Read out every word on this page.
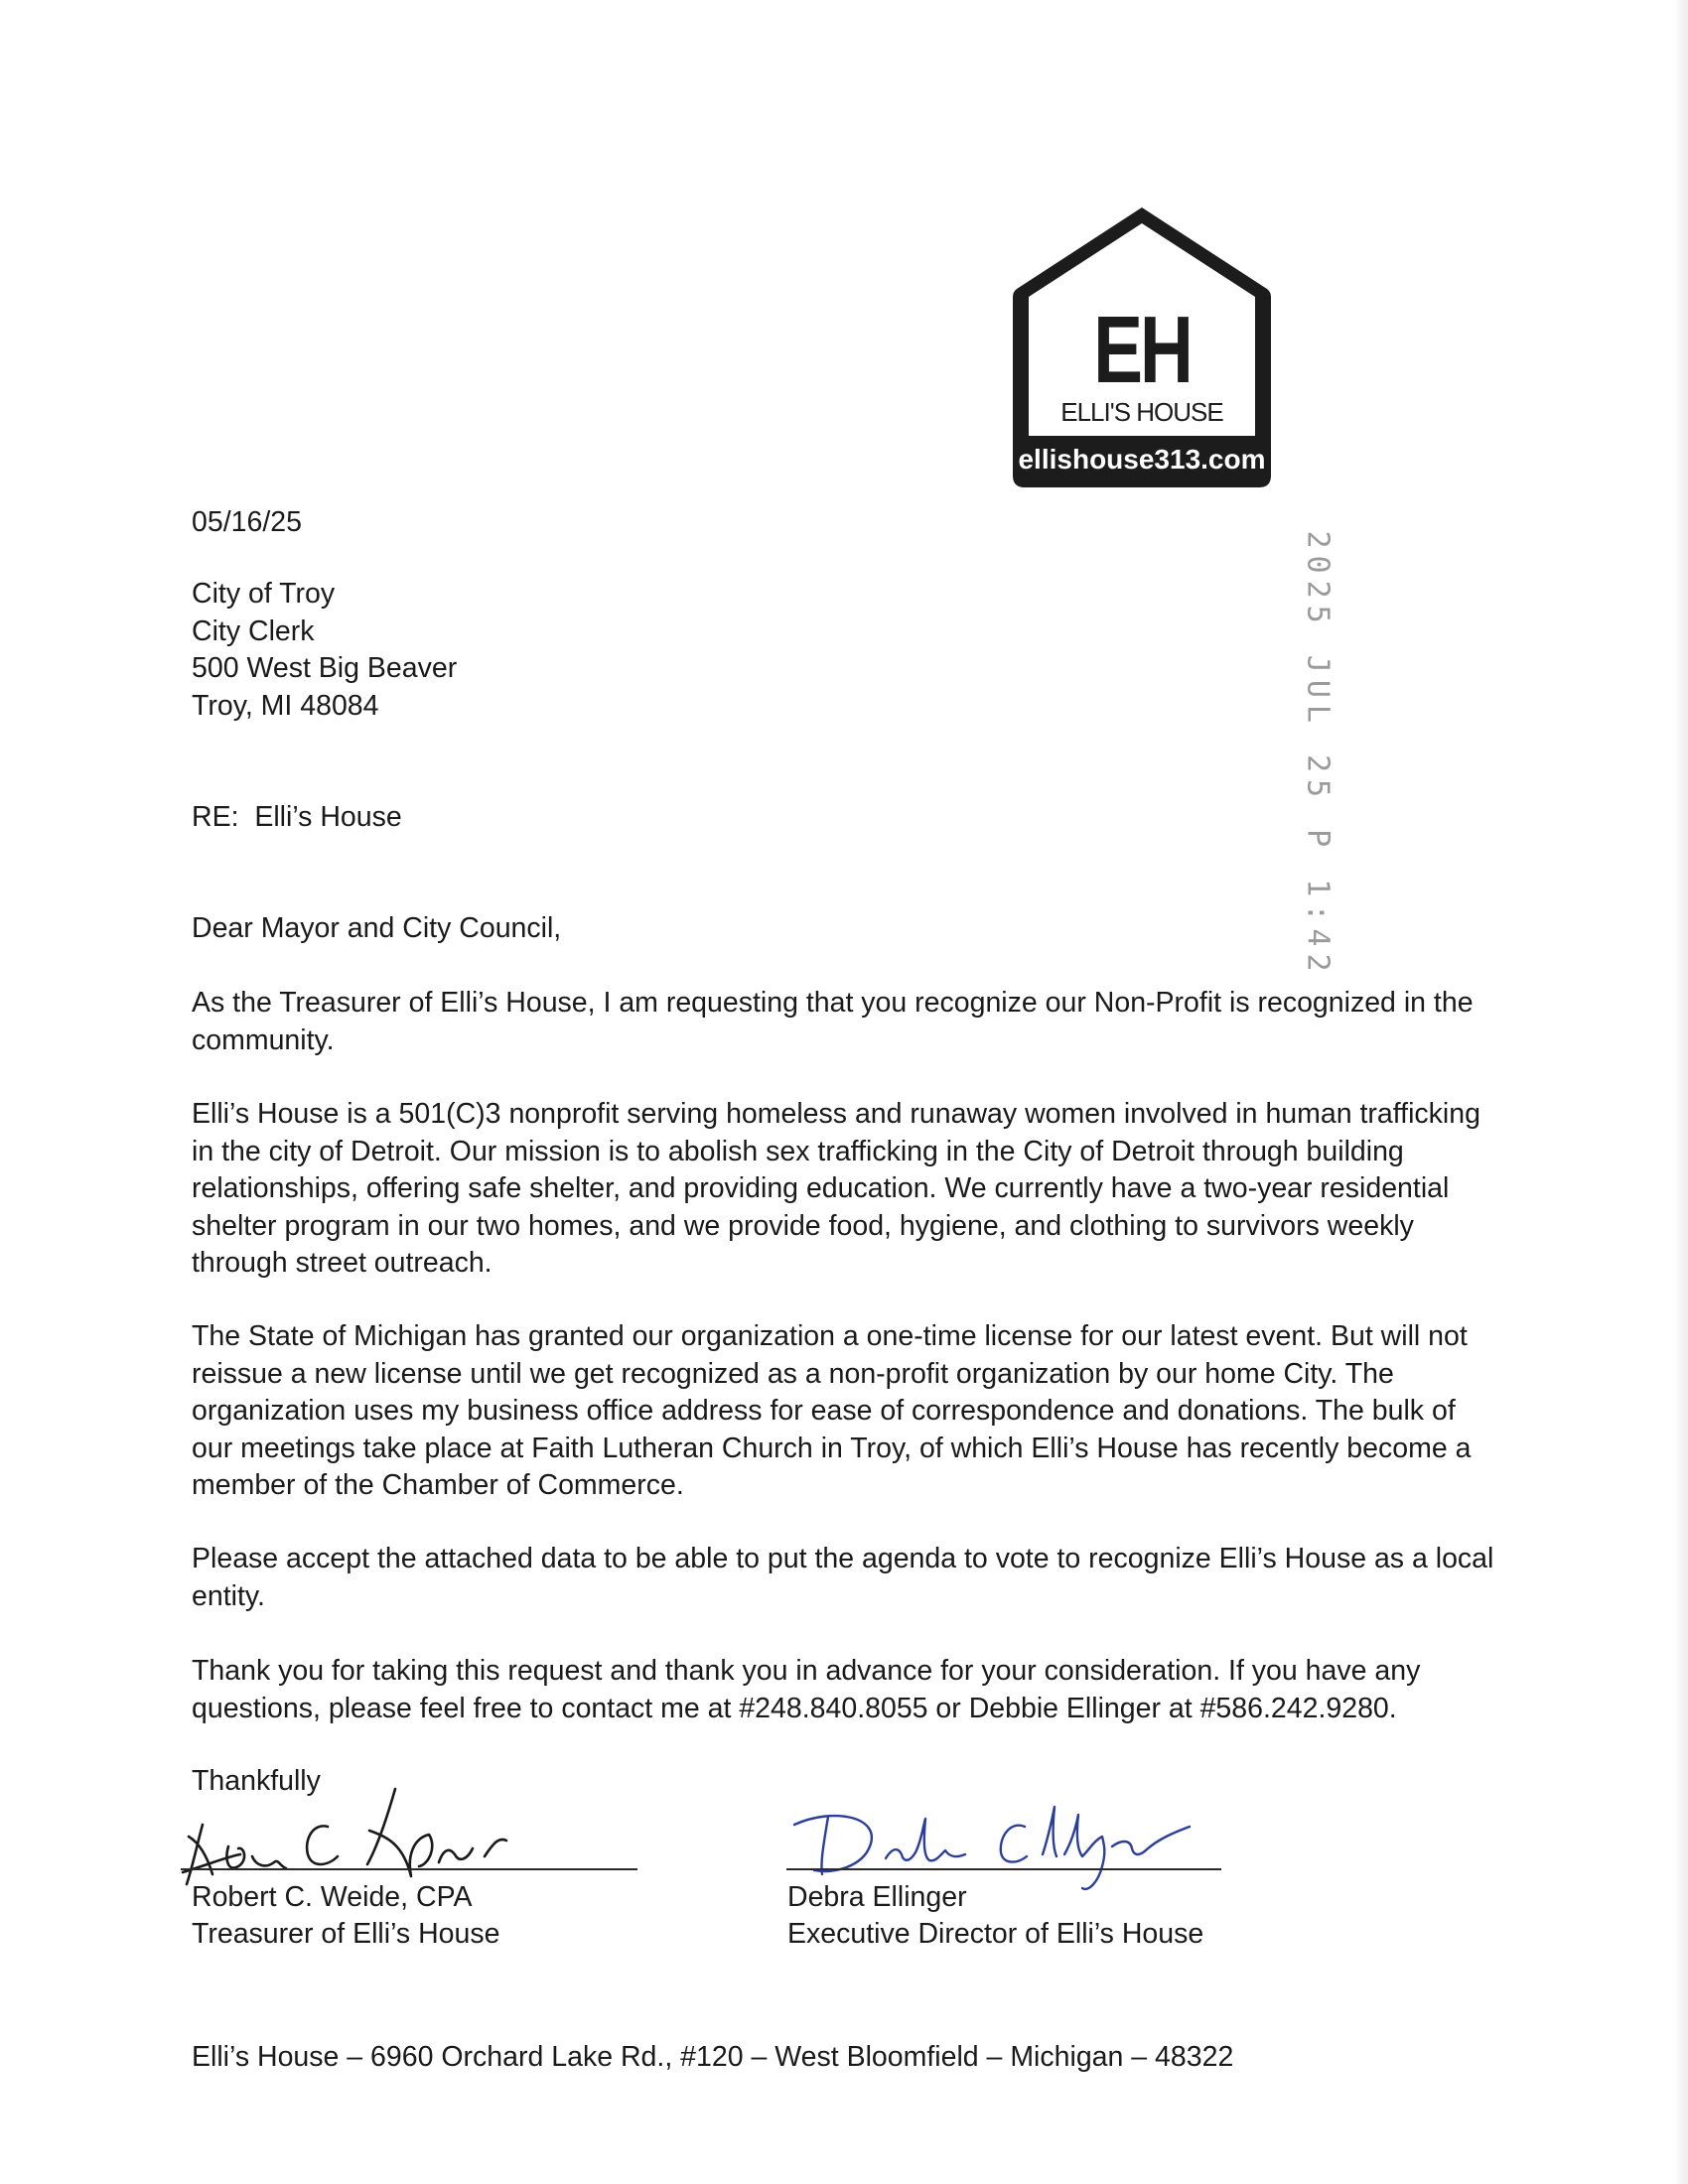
EH
ELLI'S HOUSE
ellishouse313.com
2025 JUL 25 P 1:42
05/16/25
City of Troy
City Clerk
500 West Big Beaver
Troy, MI 48084
RE:  Elli’s House
Dear Mayor and City Council,
As the Treasurer of Elli’s House, I am requesting that you recognize our Non-Profit is recognized in the community.
Elli’s House is a 501(C)3 nonprofit serving homeless and runaway women involved in human trafficking in the city of Detroit. Our mission is to abolish sex trafficking in the City of Detroit through building relationships, offering safe shelter, and providing education. We currently have a two-year residential shelter program in our two homes, and we provide food, hygiene, and clothing to survivors weekly through street outreach.
The State of Michigan has granted our organization a one-time license for our latest event. But will not reissue a new license until we get recognized as a non-profit organization by our home City. The organization uses my business office address for ease of correspondence and donations. The bulk of our meetings take place at Faith Lutheran Church in Troy, of which Elli’s House has recently become a member of the Chamber of Commerce.
Please accept the attached data to be able to put the agenda to vote to recognize Elli’s House as a local entity.
Thank you for taking this request and thank you in advance for your consideration. If you have any questions, please feel free to contact me at #248.840.8055 or Debbie Ellinger at #586.242.9280.
Thankfully
Robert C. Weide, CPA
Treasurer of Elli’s House
Debra Ellinger
Executive Director of Elli’s House
Elli’s House – 6960 Orchard Lake Rd., #120 – West Bloomfield – Michigan – 48322
